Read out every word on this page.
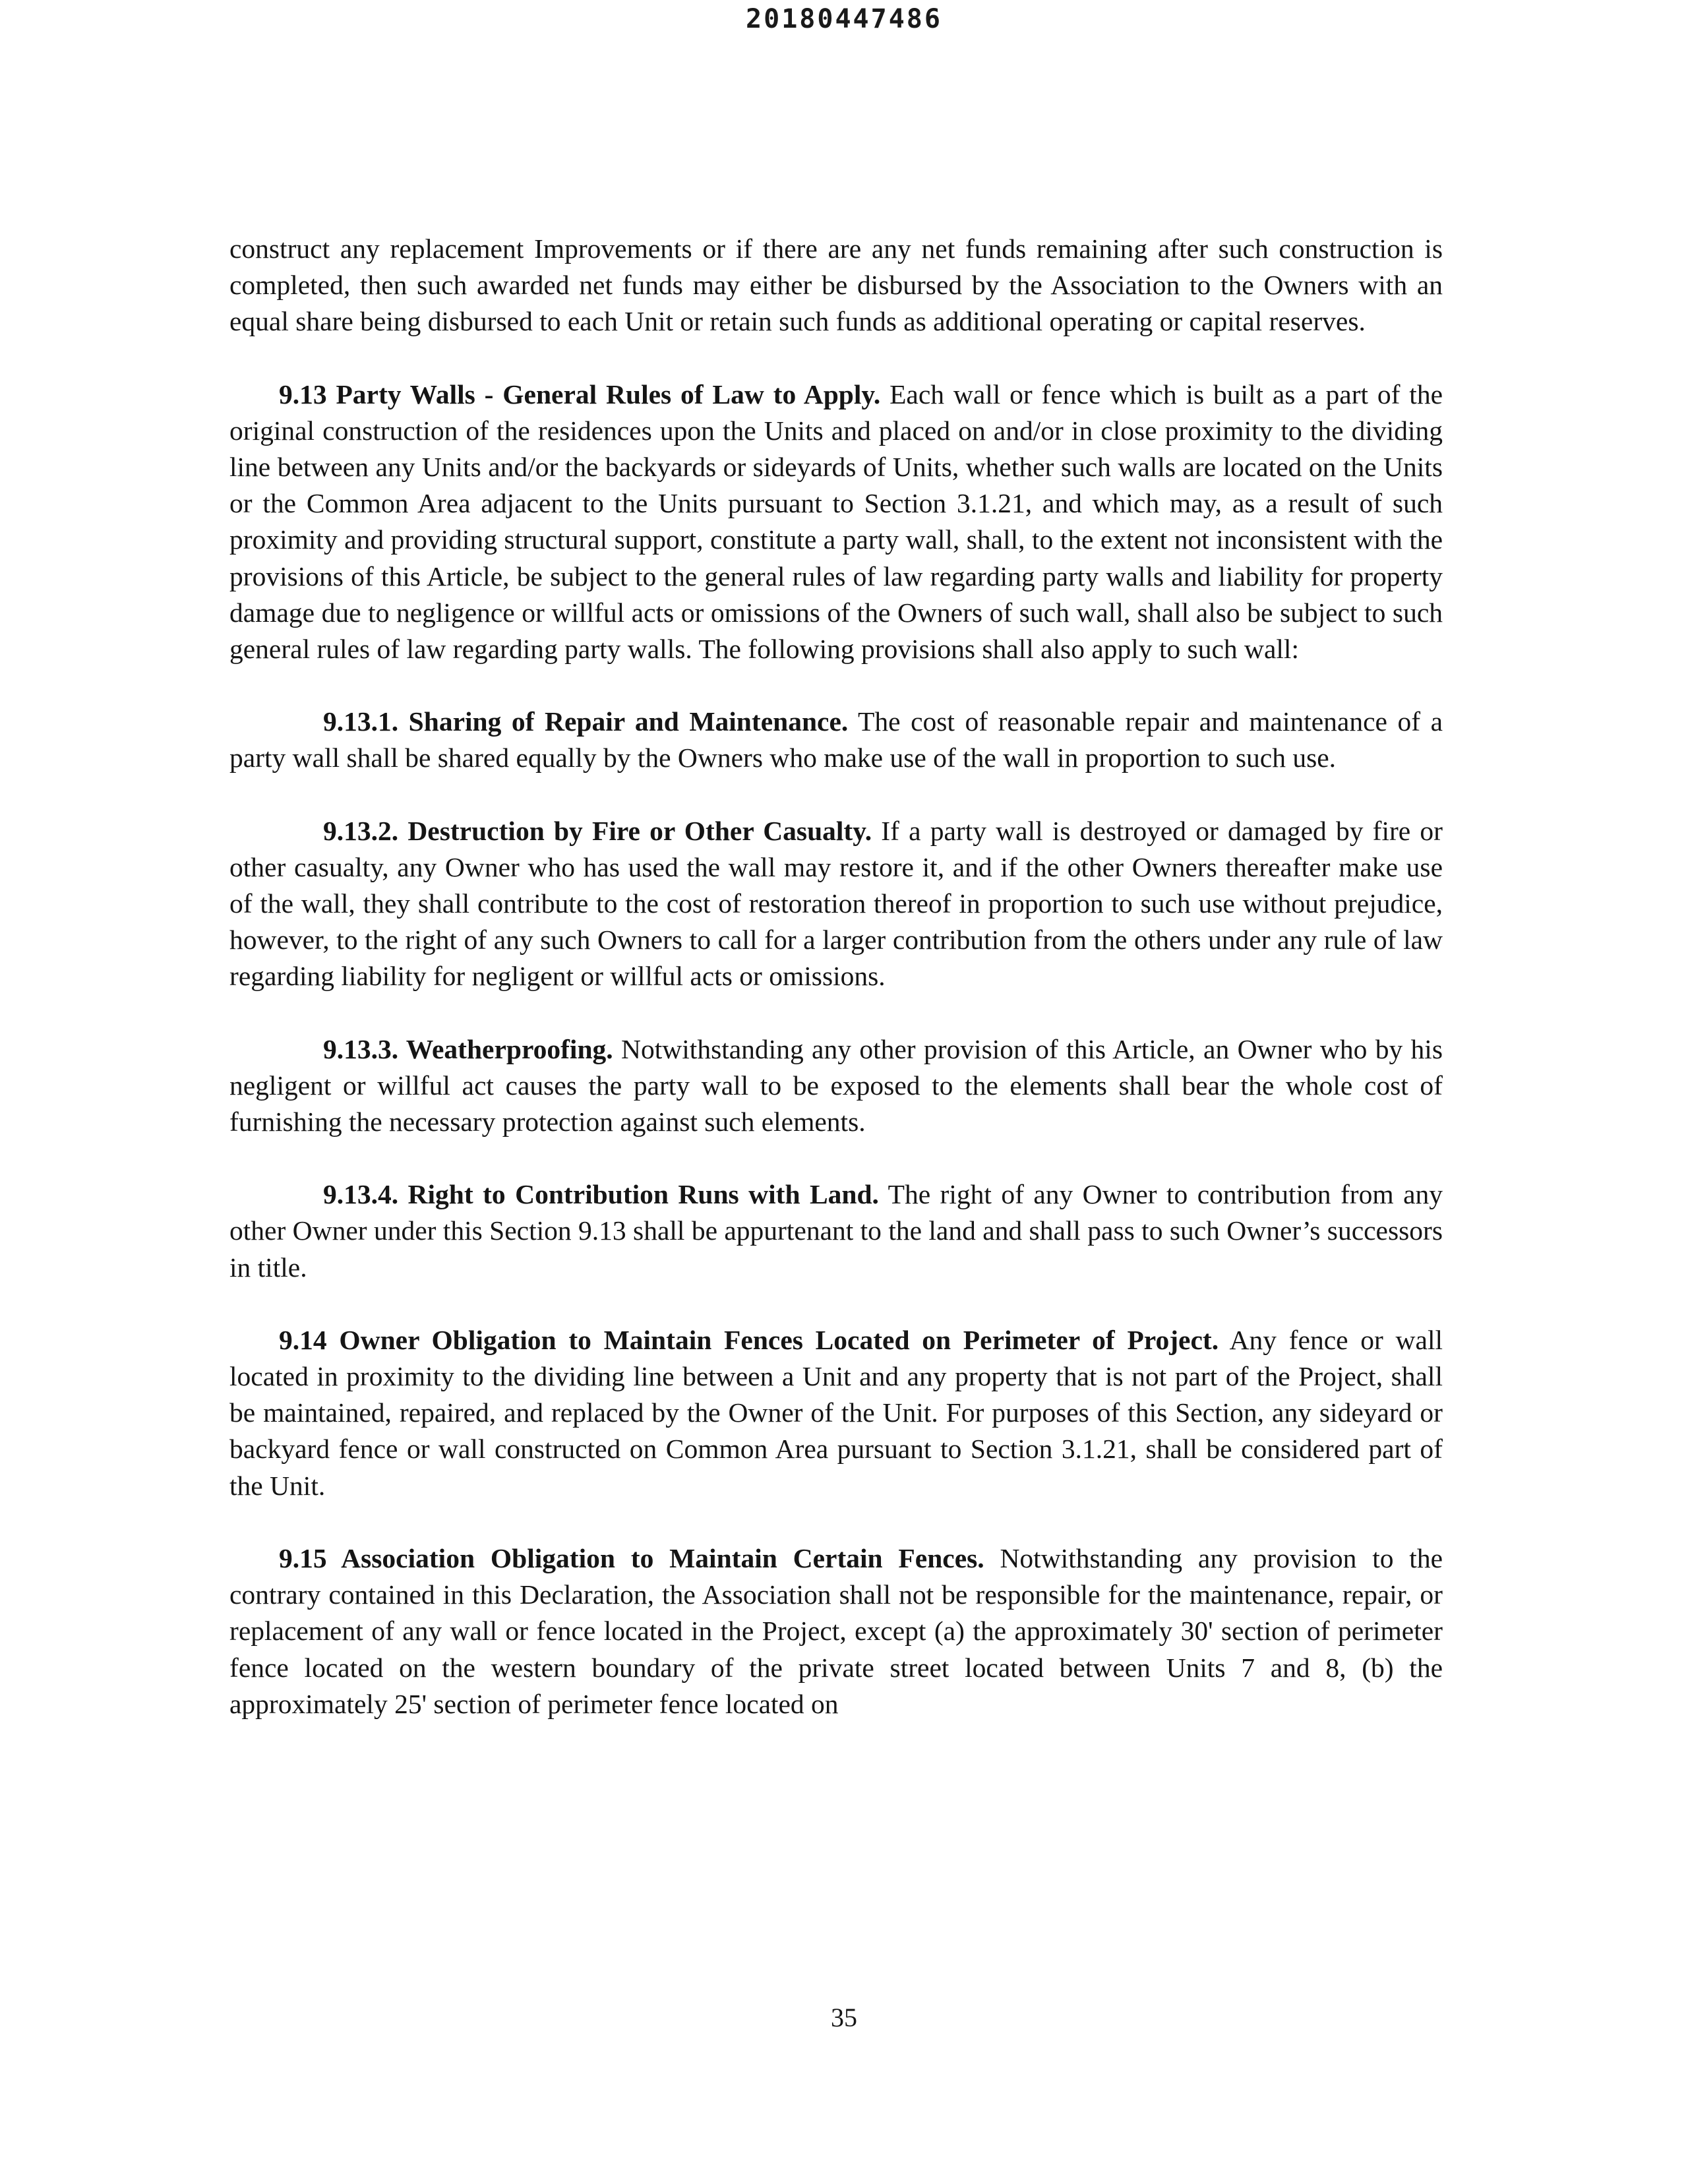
20180447486

construct any replacement Improvements or if there are any net funds remaining after such construction is completed, then such awarded net funds may either be disbursed by the Association to the Owners with an equal share being disbursed to each Unit or retain such funds as additional operating or capital reserves.

9.13 Party Walls - General Rules of Law to Apply. Each wall or fence which is built as a part of the original construction of the residences upon the Units and placed on and/or in close proximity to the dividing line between any Units and/or the backyards or sideyards of Units, whether such walls are located on the Units or the Common Area adjacent to the Units pursuant to Section 3.1.21, and which may, as a result of such proximity and providing structural support, constitute a party wall, shall, to the extent not inconsistent with the provisions of this Article, be subject to the general rules of law regarding party walls and liability for property damage due to negligence or willful acts or omissions of the Owners of such wall, shall also be subject to such general rules of law regarding party walls. The following provisions shall also apply to such wall:

9.13.1. Sharing of Repair and Maintenance. The cost of reasonable repair and maintenance of a party wall shall be shared equally by the Owners who make use of the wall in proportion to such use.

9.13.2. Destruction by Fire or Other Casualty. If a party wall is destroyed or damaged by fire or other casualty, any Owner who has used the wall may restore it, and if the other Owners thereafter make use of the wall, they shall contribute to the cost of restoration thereof in proportion to such use without prejudice, however, to the right of any such Owners to call for a larger contribution from the others under any rule of law regarding liability for negligent or willful acts or omissions.

9.13.3. Weatherproofing. Notwithstanding any other provision of this Article, an Owner who by his negligent or willful act causes the party wall to be exposed to the elements shall bear the whole cost of furnishing the necessary protection against such elements.

9.13.4. Right to Contribution Runs with Land. The right of any Owner to contribution from any other Owner under this Section 9.13 shall be appurtenant to the land and shall pass to such Owner’s successors in title.

9.14 Owner Obligation to Maintain Fences Located on Perimeter of Project. Any fence or wall located in proximity to the dividing line between a Unit and any property that is not part of the Project, shall be maintained, repaired, and replaced by the Owner of the Unit. For purposes of this Section, any sideyard or backyard fence or wall constructed on Common Area pursuant to Section 3.1.21, shall be considered part of the Unit.

9.15 Association Obligation to Maintain Certain Fences. Notwithstanding any provision to the contrary contained in this Declaration, the Association shall not be responsible for the maintenance, repair, or replacement of any wall or fence located in the Project, except (a) the approximately 30' section of perimeter fence located on the western boundary of the private street located between Units 7 and 8, (b) the approximately 25' section of perimeter fence located on

35
